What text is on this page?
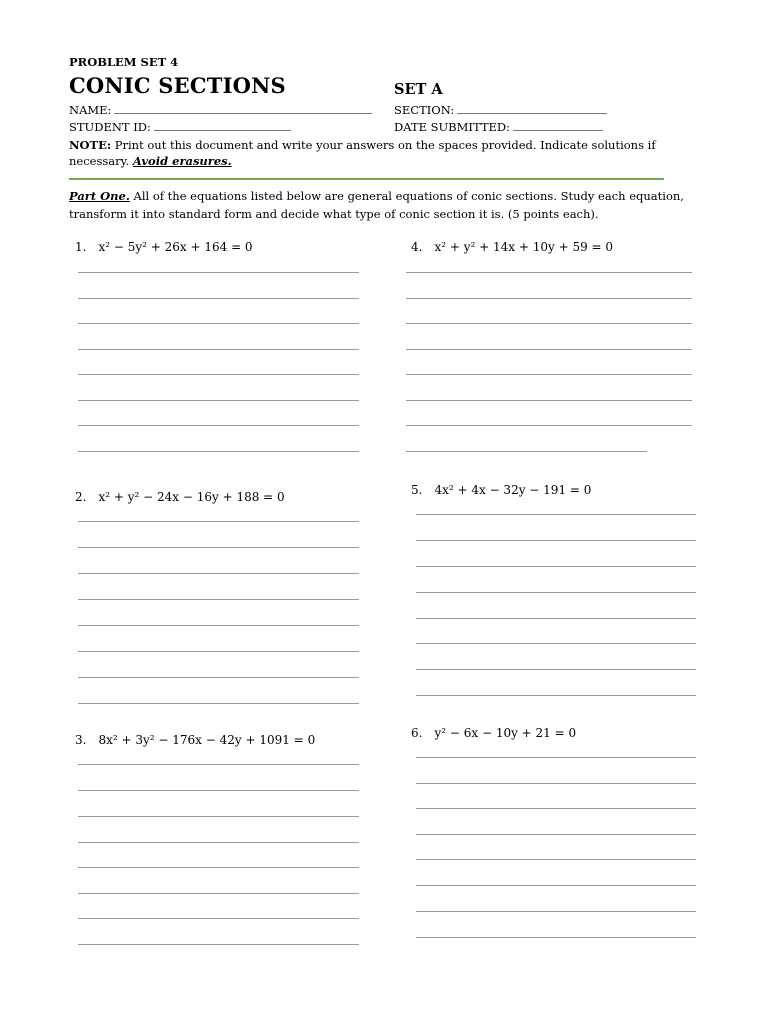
PROBLEM SET 4
CONIC SECTIONS	SET A
NAME:	SECTION:
STUDENT ID:	DATE SUBMITTED:
NOTE: Print out this document and write your answers on the spaces provided. Indicate solutions if necessary. Avoid erasures.
Part One. All of the equations listed below are general equations of conic sections. Study each equation, transform it into standard form and decide what type of conic section it is. (5 points each).
1. x² − 5y² + 26x + 164 = 0	4. x² + y² + 14x + 10y + 59 = 0
2. x² + y² − 24x − 16y + 188 = 0	5. 4x² + 4x − 32y − 191 = 0
3. 8x² + 3y² − 176x − 42y + 1091 = 0	6. y² − 6x − 10y + 21 = 0
